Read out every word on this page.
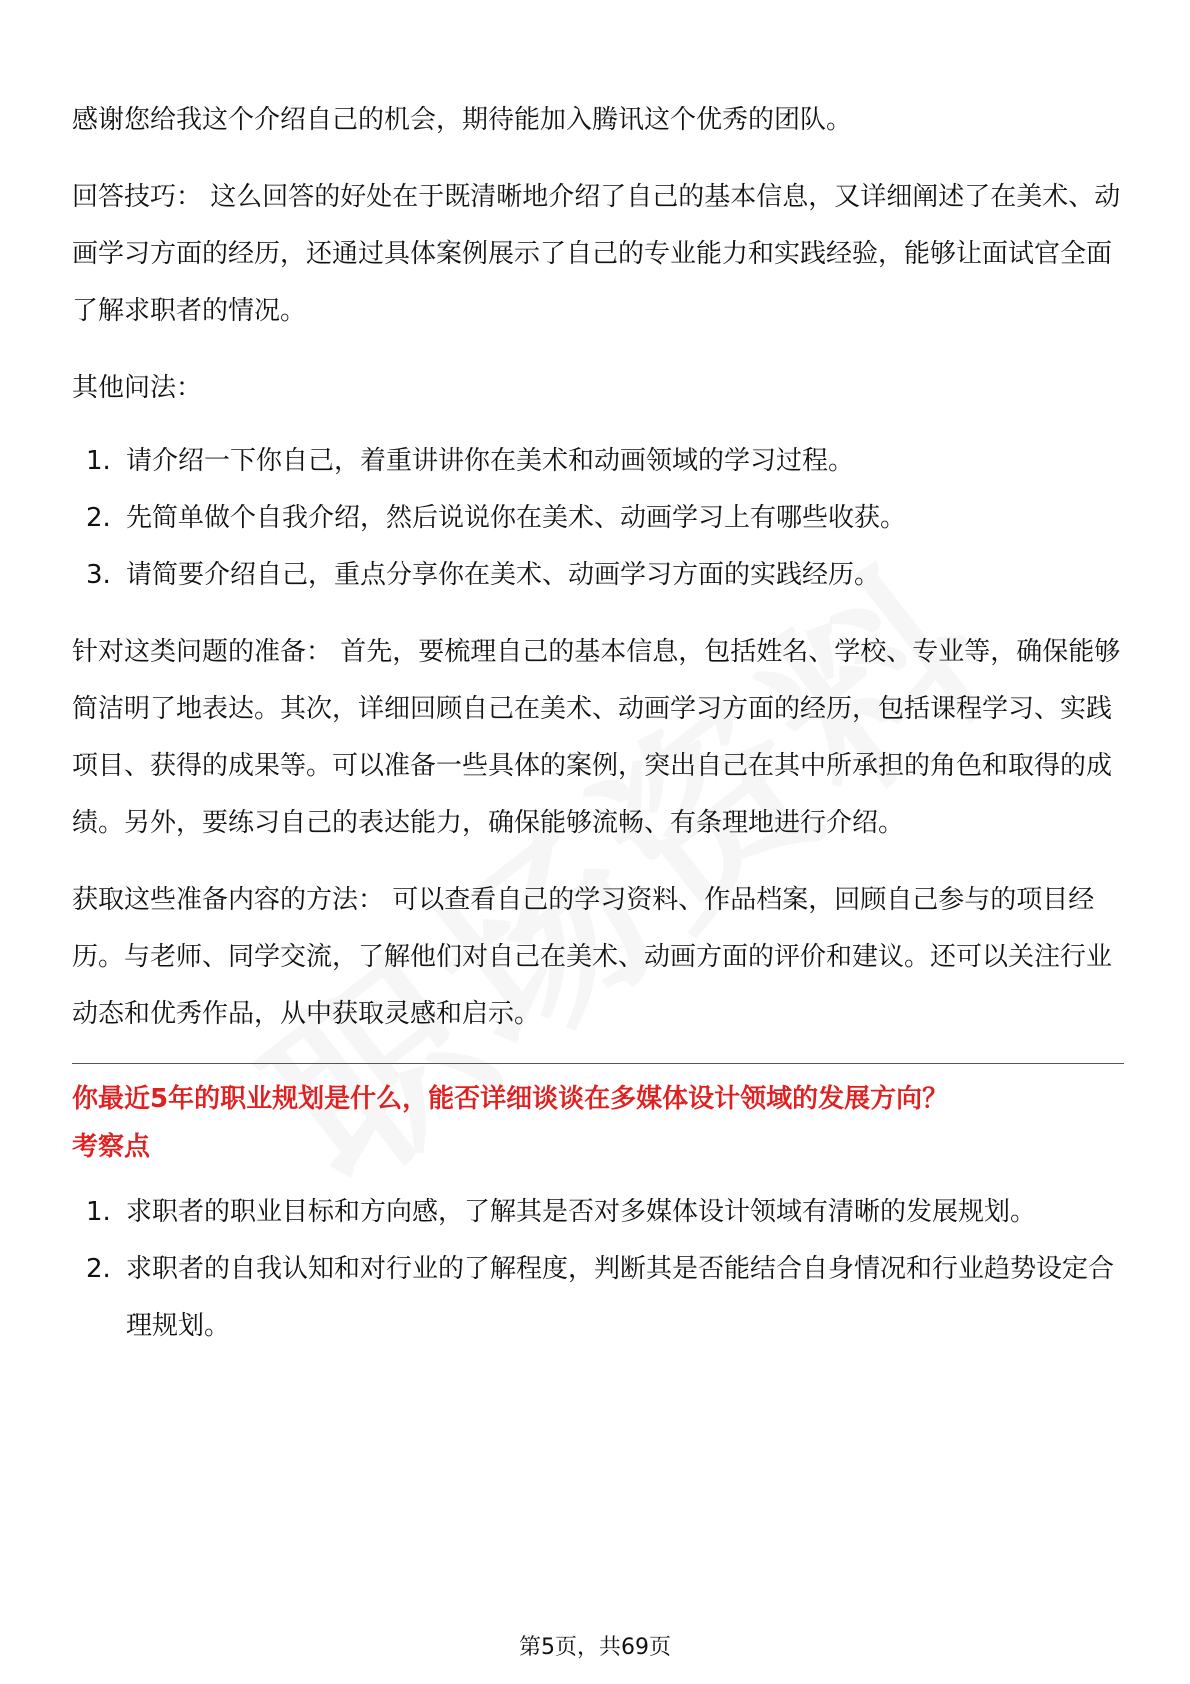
感谢您给我这个介绍自己的机会，期待能加入腾讯这个优秀的团队。

回答技巧： 这么回答的好处在于既清晰地介绍了自己的基本信息，又详细阐述了在美术、动画学习方面的经历，还通过具体案例展示了自己的专业能力和实践经验，能够让面试官全面了解求职者的情况。

其他问法：

1. 请介绍一下你自己，着重讲讲你在美术和动画领域的学习过程。
2. 先简单做个自我介绍，然后说说你在美术、动画学习上有哪些收获。
3. 请简要介绍自己，重点分享你在美术、动画学习方面的实践经历。

针对这类问题的准备： 首先，要梳理自己的基本信息，包括姓名、学校、专业等，确保能够简洁明了地表达。其次，详细回顾自己在美术、动画学习方面的经历，包括课程学习、实践项目、获得的成果等。可以准备一些具体的案例，突出自己在其中所承担的角色和取得的成绩。另外，要练习自己的表达能力，确保能够流畅、有条理地进行介绍。

获取这些准备内容的方法： 可以查看自己的学习资料、作品档案，回顾自己参与的项目经历。与老师、同学交流，了解他们对自己在美术、动画方面的评价和建议。还可以关注行业动态和优秀作品，从中获取灵感和启示。

你最近5年的职业规划是什么，能否详细谈谈在多媒体设计领域的发展方向？

考察点

1. 求职者的职业目标和方向感，了解其是否对多媒体设计领域有清晰的发展规划。
2. 求职者的自我认知和对行业的了解程度，判断其是否能结合自身情况和行业趋势设定合理规划。
第5页，共69页
